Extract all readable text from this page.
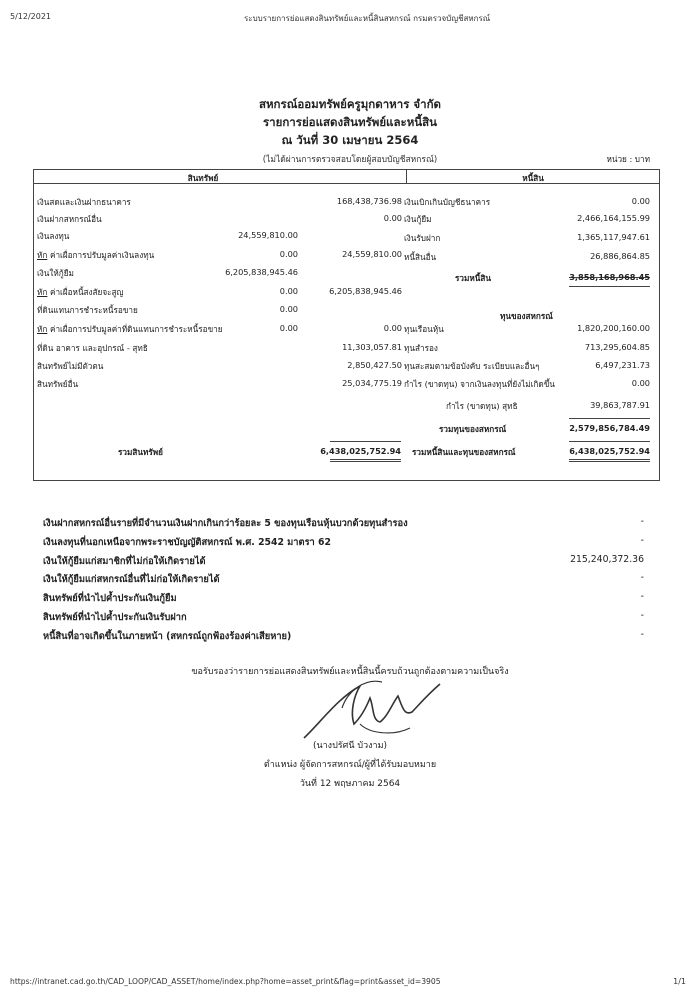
5/12/2021	ระบบรายการย่อแสดงสินทรัพย์และหนี้สินสหกรณ์ กรมตรวจบัญชีสหกรณ์
สหกรณ์ออมทรัพย์ครูมุกดาหาร จำกัด
รายการย่อแสดงสินทรัพย์และหนี้สิน
ณ วันที่ 30 เมษายน 2564
(ไม่ได้ผ่านการตรวจสอบโดยผู้สอบบัญชีสหกรณ์)	หน่วย : บาท
สินทรัพย์	หนี้สิน
เงินสดและเงินฝากธนาคาร	168,438,736.98
เงินฝากสหกรณ์อื่น	0.00
เงินลงทุน	24,559,810.00
หัก ค่าเผื่อการปรับมูลค่าเงินลงทุน	0.00	24,559,810.00
เงินให้กู้ยืม	6,205,838,945.46
หัก ค่าเผื่อหนี้สงสัยจะสูญ	0.00	6,205,838,945.46
ที่ดินแทนการชำระหนี้รอขาย	0.00
หัก ค่าเผื่อการปรับมูลค่าที่ดินแทนการชำระหนี้รอขาย	0.00	0.00
ที่ดิน อาคาร และอุปกรณ์ - สุทธิ	11,303,057.81
สินทรัพย์ไม่มีตัวตน	2,850,427.50
สินทรัพย์อื่น	25,034,775.19
เงินเบิกเกินบัญชีธนาคาร	0.00
เงินกู้ยืม	2,466,164,155.99
เงินรับฝาก	1,365,117,947.61
หนี้สินอื่น	26,886,864.85
รวมหนี้สิน	3,858,168,968.45
ทุนของสหกรณ์
ทุนเรือนหุ้น	1,820,200,160.00
ทุนสำรอง	713,295,604.85
ทุนสะสมตามข้อบังคับ ระเบียบและอื่นๆ	6,497,231.73
กำไร (ขาดทุน) จากเงินลงทุนที่ยังไม่เกิดขึ้น	0.00
กำไร (ขาดทุน) สุทธิ	39,863,787.91
รวมทุนของสหกรณ์	2,579,856,784.49
รวมสินทรัพย์	6,438,025,752.94 รวมหนี้สินและทุนของสหกรณ์	6,438,025,752.94
เงินฝากสหกรณ์อื่นรายที่มีจำนวนเงินฝากเกินกว่าร้อยละ 5 ของทุนเรือนหุ้นบวกด้วยทุนสำรอง	-
เงินลงทุนที่นอกเหนือจากพระราชบัญญัติสหกรณ์ พ.ศ. 2542 มาตรา 62	-
เงินให้กู้ยืมแก่สมาชิกที่ไม่ก่อให้เกิดรายได้	215,240,372.36
เงินให้กู้ยืมแก่สหกรณ์อื่นที่ไม่ก่อให้เกิดรายได้	-
สินทรัพย์ที่นำไปค้ำประกันเงินกู้ยืม	-
สินทรัพย์ที่นำไปค้ำประกันเงินรับฝาก	-
หนี้สินที่อาจเกิดขึ้นในภายหน้า (สหกรณ์ถูกฟ้องร้องค่าเสียหาย)	-
ขอรับรองว่ารายการย่อแสดงสินทรัพย์และหนี้สินนี้ครบถ้วนถูกต้องตามความเป็นจริง
(นางปรัศนี บัวงาม)
ตำแหน่ง ผู้จัดการสหกรณ์/ผู้ที่ได้รับมอบหมาย
วันที่ 12 พฤษภาคม 2564
https://intranet.cad.go.th/CAD_LOOP/CAD_ASSET/home/index.php?home=asset_print&flag=print&asset_id=3905	1/1
